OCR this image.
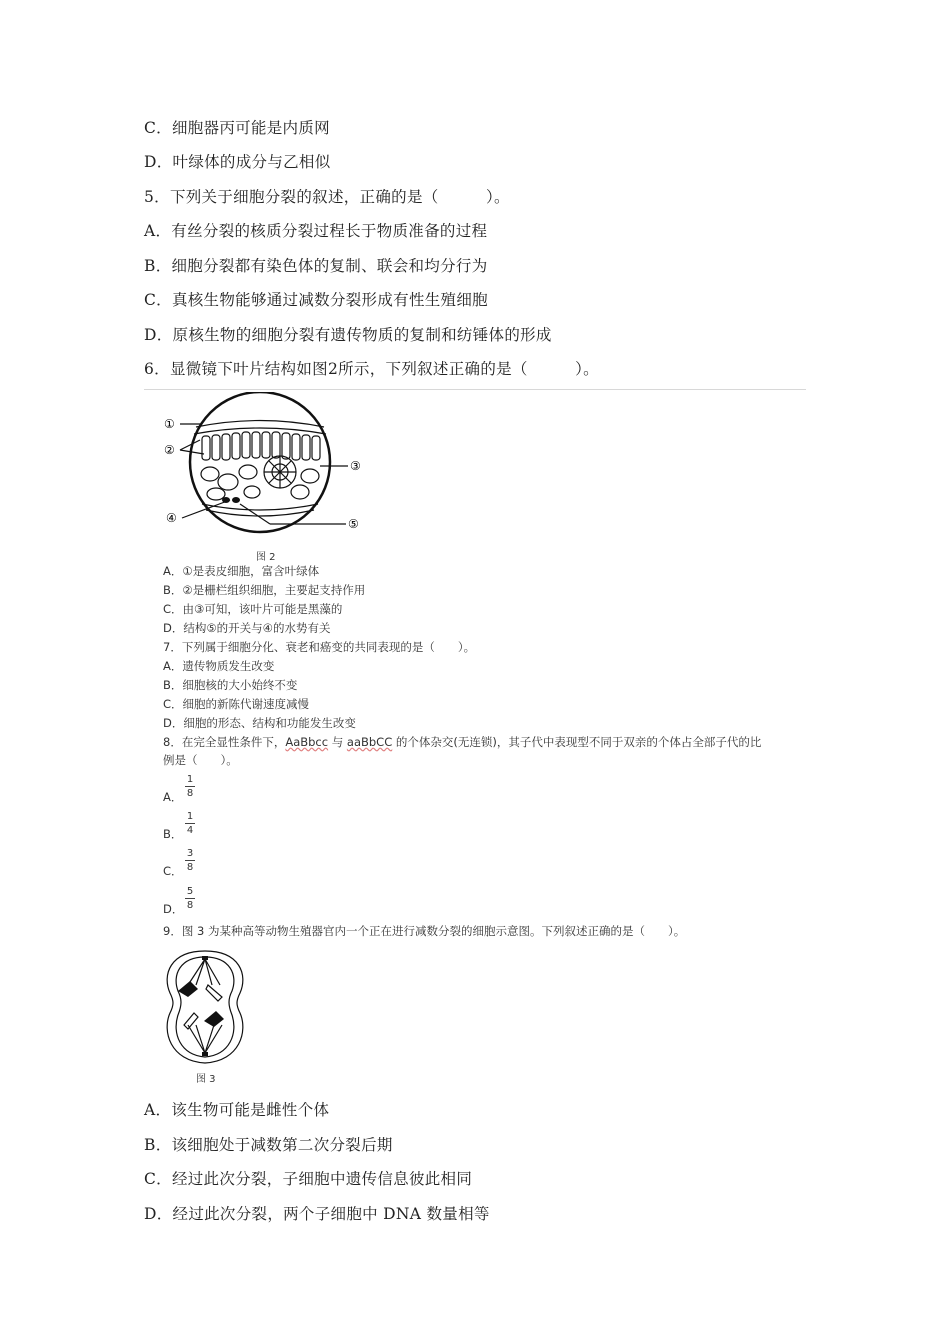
C．细胞器丙可能是内质网
D．叶绿体的成分与乙相似
5．下列关于细胞分裂的叙述，正确的是（　　　）。
A．有丝分裂的核质分裂过程长于物质准备的过程
B．细胞分裂都有染色体的复制、联会和均分行为
C．真核生物能够通过减数分裂形成有性生殖细胞
D．原核生物的细胞分裂有遗传物质的复制和纺锤体的形成
6．显微镜下叶片结构如图2所示，下列叙述正确的是（　　　）。
①
②
③
④	⑤
图 2
A．①是表皮细胞，富含叶绿体
B．②是栅栏组织细胞，主要起支持作用
C．由③可知，该叶片可能是黑藻的
D．结构⑤的开关与④的水势有关
7．下列属于细胞分化、衰老和癌变的共同表现的是（　　）。
A．遗传物质发生改变
B．细胞核的大小始终不变
C．细胞的新陈代谢速度减慢
D．细胞的形态、结构和功能发生改变
8．在完全显性条件下，AaBbcc 与 aaBbCC 的个体杂交(无连锁)，其子代中表现型不同于双亲的个体占全部子代的比
例是（　　）。
A．
1
8
B．
1
4
C．
3
8
D．
5
8
9．图 3 为某种高等动物生殖器官内一个正在进行减数分裂的细胞示意图。下列叙述正确的是（　　）。
图 3
A．该生物可能是雌性个体
B．该细胞处于减数第二次分裂后期
C．经过此次分裂，子细胞中遗传信息彼此相同
D．经过此次分裂，两个子细胞中 DNA 数量相等
